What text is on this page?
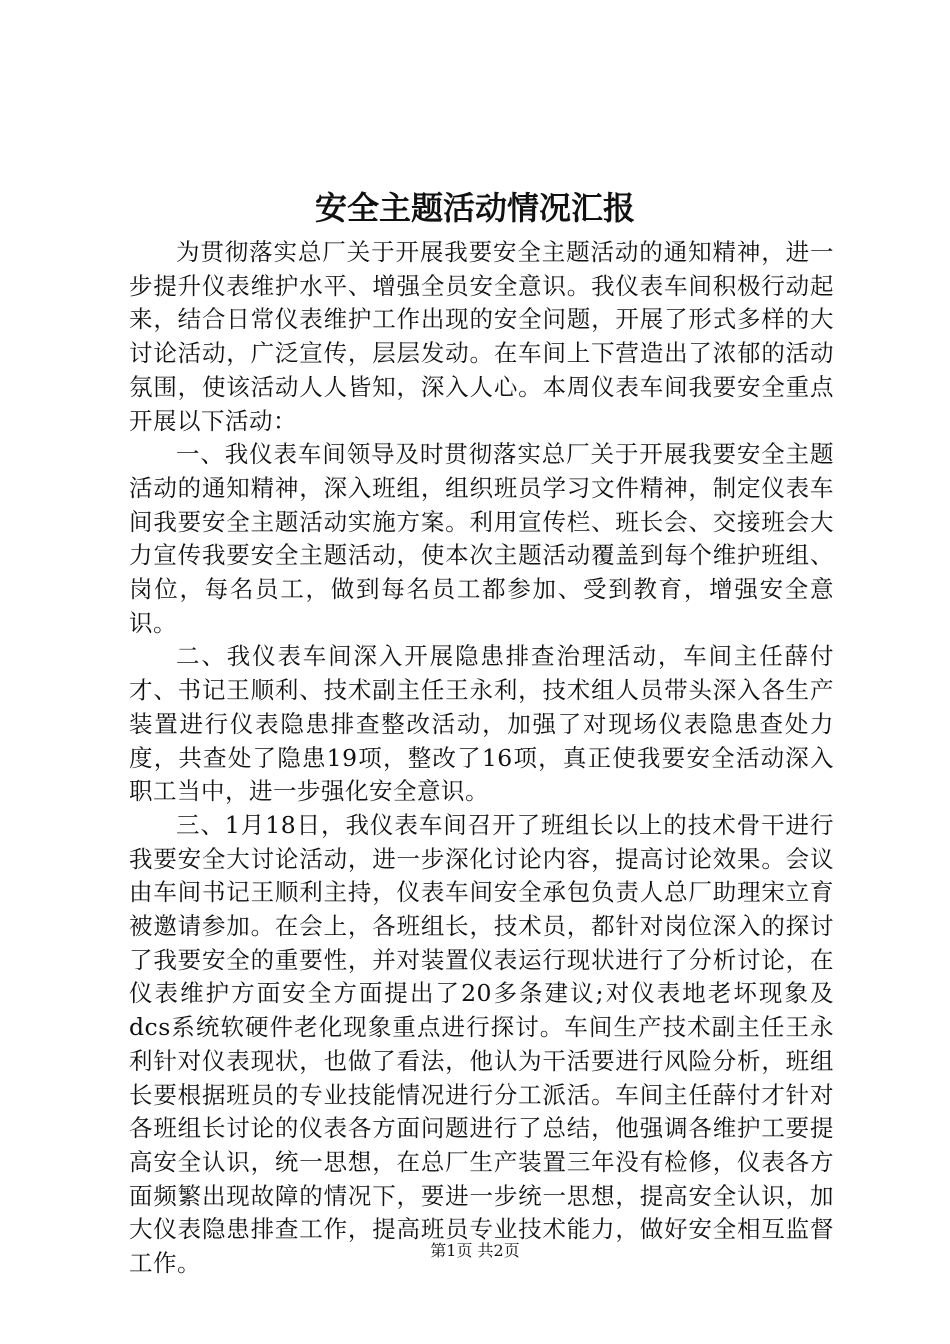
安全主题活动情况汇报

为贯彻落实总厂关于开展我要安全主题活动的通知精神，进一步提升仪表维护水平、增强全员安全意识。我仪表车间积极行动起来，结合日常仪表维护工作出现的安全问题，开展了形式多样的大讨论活动，广泛宣传，层层发动。在车间上下营造出了浓郁的活动氛围，使该活动人人皆知，深入人心。本周仪表车间我要安全重点开展以下活动：

一、我仪表车间领导及时贯彻落实总厂关于开展我要安全主题活动的通知精神，深入班组，组织班员学习文件精神，制定仪表车间我要安全主题活动实施方案。利用宣传栏、班长会、交接班会大力宣传我要安全主题活动，使本次主题活动覆盖到每个维护班组、岗位，每名员工，做到每名员工都参加、受到教育，增强安全意识。

二、我仪表车间深入开展隐患排查治理活动，车间主任薛付才、书记王顺利、技术副主任王永利，技术组人员带头深入各生产装置进行仪表隐患排查整改活动，加强了对现场仪表隐患查处力度，共查处了隐患19项，整改了16项，真正使我要安全活动深入职工当中，进一步强化安全意识。

三、1月18日，我仪表车间召开了班组长以上的技术骨干进行我要安全大讨论活动，进一步深化讨论内容，提高讨论效果。会议由车间书记王顺利主持，仪表车间安全承包负责人总厂助理宋立育被邀请参加。在会上，各班组长，技术员，都针对岗位深入的探讨了我要安全的重要性，并对装置仪表运行现状进行了分析讨论，在仪表维护方面安全方面提出了20多条建议;对仪表地老坏现象及dcs系统软硬件老化现象重点进行探讨。车间生产技术副主任王永利针对仪表现状，也做了看法，他认为干活要进行风险分析，班组长要根据班员的专业技能情况进行分工派活。车间主任薛付才针对各班组长讨论的仪表各方面问题进行了总结，他强调各维护工要提高安全认识，统一思想，在总厂生产装置三年没有检修，仪表各方面频繁出现故障的情况下，要进一步统一思想，提高安全认识，加大仪表隐患排查工作，提高班员专业技术能力，做好安全相互监督工作。	第1页 共2页
